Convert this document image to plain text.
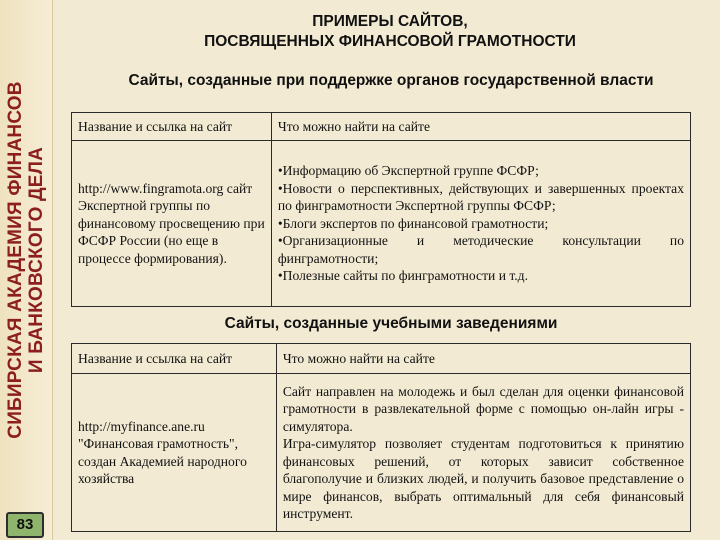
СИБИРСКАЯ АКАДЕМИЯ ФИНАНСОВ И БАНКОВСКОГО ДЕЛА
83
ПРИМЕРЫ САЙТОВ,
ПОСВЯЩЕННЫХ ФИНАНСОВОЙ ГРАМОТНОСТИ
Сайты, созданные при поддержке органов государственной власти
Название и ссылка на сайт	Что можно найти на сайте

http://www.fingramota.org сайт Экспертной группы по финансовому просвещению при ФСФР России (но еще в процессе формирования).	•Информацию об Экспертной группе ФСФР;
•Новости о перспективных, действующих и завершенных проектах по финграмотности Экспертной группы ФСФР;
•Блоги экспертов по финансовой грамотности;
•Организационные и методические консультации по финграмотности;
•Полезные сайты по финграмотности и т.д.
Сайты, созданные учебными заведениями
Название и ссылка на сайт	Что можно найти на сайте

http://myfinance.ane.ru "Финансовая грамотность", создан Академией народного хозяйства	Сайт направлен на молодежь и был сделан для оценки финансовой грамотности в развлекательной форме с помощью он-лайн игры - симулятора.
Игра-симулятор позволяет студентам подготовиться к принятию финансовых решений, от которых зависит собственное благополучие и близких людей, и получить базовое представление о мире финансов, выбрать оптимальный для себя финансовый инструмент.
